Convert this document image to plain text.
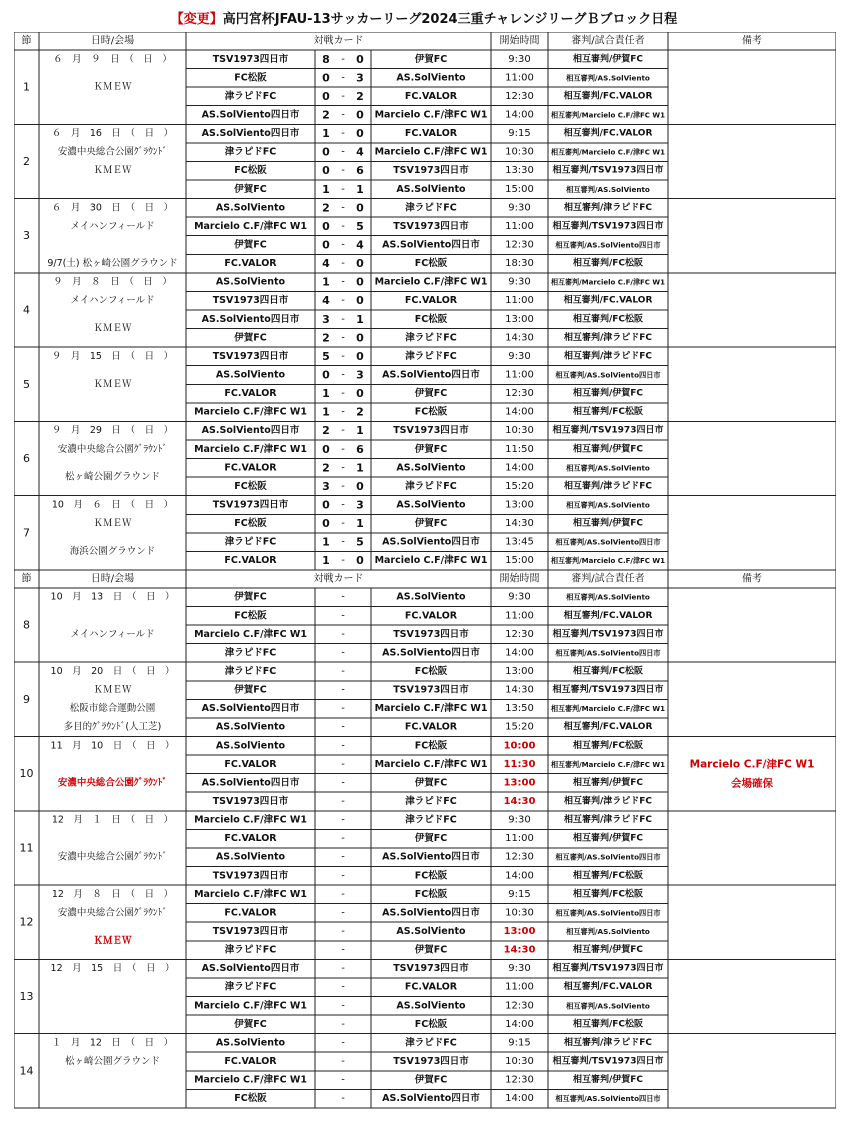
【変更】高円宮杯JFAU-13サッカーリーグ2024三重チャレンジリーグＢブロック日程
節	日時/会場	対戦カード	開始時間	審判/試合責任者	備考
1
６　月　９　日　（　日　）
ＫＭＥＷ
TSV1973四日市	8 - 0	伊賀FC	9:30	相互審判/伊賀FC
FC松阪	0 - 3	AS.SolViento	11:00	相互審判/AS.SolViento
津ラピドFC	0 - 2	FC.VALOR	12:30	相互審判/FC.VALOR
AS.SolViento四日市 2 - 0 Marcielo C.F/津FC W1 14:00 相互審判/Marcielo C.F/津FC W1
2
６　月　16　日　（　日　）
安濃中央総合公園ｸﾞﾗｳﾝﾄﾞ
ＫＭＥＷ
AS.SolViento四日市 1 - 0	FC.VALOR	9:15	相互審判/FC.VALOR
津ラピドFC	0 - 4 Marcielo C.F/津FC W1 10:30 相互審判/Marcielo C.F/津FC W1
FC松阪	0 - 6	TSV1973四日市	13:30 相互審判/TSV1973四日市
伊賀FC	1 - 1	AS.SolViento	15:00	相互審判/AS.SolViento
3
６　月　30　日　（　日　）
メイハンフィールド
9/7(土) 松ヶ崎公園グラウンド
AS.SolViento	2 - 0	津ラピドFC	9:30	相互審判/津ラピドFC
Marcielo C.F/津FC W1 0 - 5	TSV1973四日市	11:00 相互審判/TSV1973四日市
伊賀FC	0 - 4 AS.SolViento四日市	12:30	相互審判/AS.SolViento四日市
FC.VALOR	4 - 0	FC松阪	18:30	相互審判/FC松阪
4
９　月　８　日　（　日　）
メイハンフィールド
ＫＭＥＷ
AS.SolViento	1 - 0 Marcielo C.F/津FC W1 9:30	相互審判/Marcielo C.F/津FC W1
TSV1973四日市	4 - 0	FC.VALOR	11:00	相互審判/FC.VALOR
AS.SolViento四日市 3 - 1	FC松阪	13:00	相互審判/FC松阪
伊賀FC	2 - 0	津ラピドFC	14:30	相互審判/津ラピドFC
5
９　月　15　日　（　日　）
ＫＭＥＷ
TSV1973四日市	5 - 0	津ラピドFC	9:30	相互審判/津ラピドFC
AS.SolViento	0 - 3 AS.SolViento四日市	11:00	相互審判/AS.SolViento四日市
FC.VALOR	1 - 0	伊賀FC	12:30	相互審判/伊賀FC
Marcielo C.F/津FC W1 1 - 2	FC松阪	14:00	相互審判/FC松阪
6
９　月　29　日　（　日　）
安濃中央総合公園ｸﾞﾗｳﾝﾄﾞ
松ヶ崎公園グラウンド
AS.SolViento四日市 2 - 1	TSV1973四日市	10:30 相互審判/TSV1973四日市
Marcielo C.F/津FC W1 0 - 6	伊賀FC	11:50	相互審判/伊賀FC
FC.VALOR	2 - 1	AS.SolViento	14:00	相互審判/AS.SolViento
FC松阪	3 - 0	津ラピドFC	15:20	相互審判/津ラピドFC
7
10　月　６　日　（　日　）
ＫＭＥＷ
海浜公園グラウンド
TSV1973四日市	0 - 3	AS.SolViento	13:00	相互審判/AS.SolViento
FC松阪	0 - 1	伊賀FC	14:30	相互審判/伊賀FC
津ラピドFC	1 - 5 AS.SolViento四日市	13:45	相互審判/AS.SolViento四日市
FC.VALOR	1 - 0 Marcielo C.F/津FC W1 15:00 相互審判/Marcielo C.F/津FC W1
節	日時/会場	対戦カード	開始時間	審判/試合責任者	備考
8
10　月　13　日　（　日　）
メイハンフィールド
伊賀FC	-	AS.SolViento	9:30	相互審判/AS.SolViento
FC松阪	-	FC.VALOR	11:00	相互審判/FC.VALOR
Marcielo C.F/津FC W1	-	TSV1973四日市	12:30 相互審判/TSV1973四日市
津ラピドFC	-	AS.SolViento四日市	14:00	相互審判/AS.SolViento四日市
9
10　月　20　日　（　日　）
ＫＭＥＷ
松阪市総合運動公園
多目的ｸﾞﾗｳﾝﾄﾞ(人工芝)
津ラピドFC	-	FC松阪	13:00	相互審判/FC松阪
伊賀FC	-	TSV1973四日市	14:30 相互審判/TSV1973四日市
AS.SolViento四日市	-	Marcielo C.F/津FC W1 13:50 相互審判/Marcielo C.F/津FC W1
AS.SolViento	-	FC.VALOR	15:20	相互審判/FC.VALOR
10
11　月　10　日　（　日　）
安濃中央総合公園ｸﾞﾗｳﾝﾄﾞ
AS.SolViento	-	FC松阪	10:00	相互審判/FC松阪
FC.VALOR	-	Marcielo C.F/津FC W1 11:30 相互審判/Marcielo C.F/津FC W1
AS.SolViento四日市	-	伊賀FC	13:00	相互審判/伊賀FC
TSV1973四日市	-	津ラピドFC	14:30	相互審判/津ラピドFC
Marcielo C.F/津FC W1
会場確保
11
12　月　１　日　（　日　）
安濃中央総合公園ｸﾞﾗｳﾝﾄﾞ
Marcielo C.F/津FC W1	-	津ラピドFC	9:30	相互審判/津ラピドFC
FC.VALOR	-	伊賀FC	11:00	相互審判/伊賀FC
AS.SolViento	-	AS.SolViento四日市	12:30	相互審判/AS.SolViento四日市
TSV1973四日市	-	FC松阪	14:00	相互審判/FC松阪
12
12　月　８　日　（　日　）
安濃中央総合公園ｸﾞﾗｳﾝﾄﾞ
ＫＭＥＷ
Marcielo C.F/津FC W1	-	FC松阪	9:15	相互審判/FC松阪
FC.VALOR	-	AS.SolViento四日市	10:30	相互審判/AS.SolViento四日市
TSV1973四日市	-	AS.SolViento	13:00	相互審判/AS.SolViento
津ラピドFC	-	伊賀FC	14:30	相互審判/伊賀FC
13
12　月　15　日　（　日　）	AS.SolViento四日市	-	TSV1973四日市	9:30 相互審判/TSV1973四日市
津ラピドFC	-	FC.VALOR	11:00	相互審判/FC.VALOR
Marcielo C.F/津FC W1	-	AS.SolViento	12:30	相互審判/AS.SolViento
伊賀FC	-	FC松阪	14:00	相互審判/FC松阪
14
１　月　12　日　（　日　）
松ヶ崎公園グラウンド
AS.SolViento	-	津ラピドFC	9:15	相互審判/津ラピドFC
FC.VALOR	-	TSV1973四日市	10:30 相互審判/TSV1973四日市
Marcielo C.F/津FC W1	-	伊賀FC	12:30	相互審判/伊賀FC
FC松阪	-	AS.SolViento四日市	14:00	相互審判/AS.SolViento四日市
